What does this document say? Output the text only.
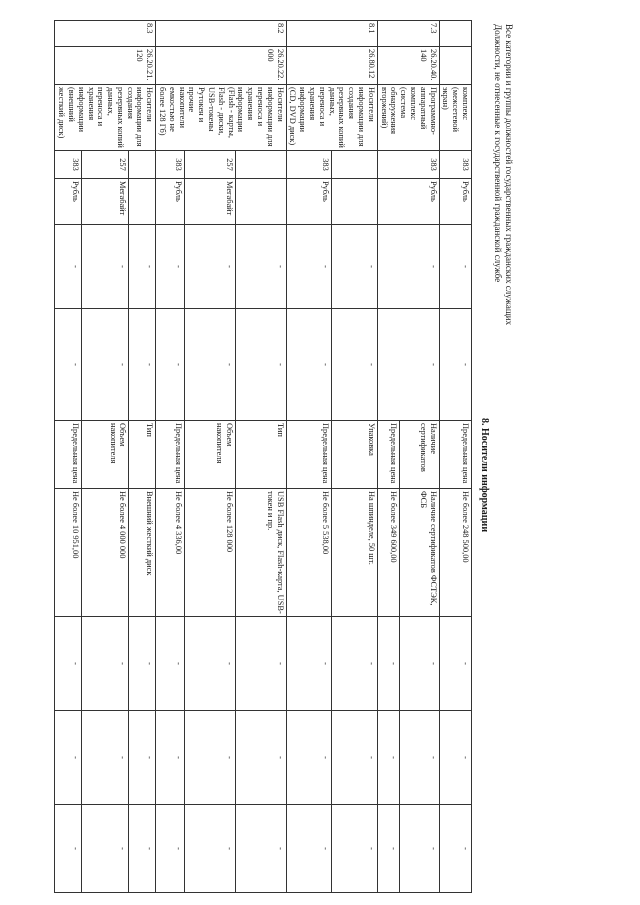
Все категории и группы должностей государственных гражданских служащих
Должности, не отнесенные к государственной гражданской службе
8. Носители информации
		комплекс (межсетевой экран)	383	Рубль	-	-	Предельная цена	Не более 248 500,00	-	-	-
7.3	26.20.40.140	Программно-аппаратный комплекс (система обнаружения вторжений)	383	Рубль	-	-	Наличие сертификатов	Наличие сертификатов ФСТЭК, ФСБ	-	-	-
							Предельная цена	Не более 349 600,00	-	-	-
8.1	26.80.12	Носители информации для создания резервных копий данных, переноса и хранения информации (CD, DVD диск)			-	-	Упаковка	На шпинделе, 50 шт.	-	-	-
			383	Рубль	-	-	Предельная цена	Не более 5 538,00	-	-	-
8.2	26.20.22.000	Носители информации для переноса и хранения информации (Flash - карты, Flash - диски, USB-токены Рутокен и прочие накопители емкостью не более 128 Гб)			-	-	Тип	USB Flash диск, Flash-карта, USB-токен и пр.	-	-	-
			257	Мегабайт	-	-	Объем накопителя	Не более 128 000	-	-	-
			383	Рубль	-	-	Предельная цена	Не более 4 336,00	-	-	-
8.3	26.20.21.120	Носители информации для создания резервных копий данных, переноса и хранения информации (внешний жесткий диск)			-	-	Тип	Внешний жесткий диск	-	-	-
			257	Мегабайт	-	-	Объем накопителя	Не более 4 000 000	-	-	-
			383	Рубль	-	-	Предельная цена	Не более 10 951,00	-	-	-
